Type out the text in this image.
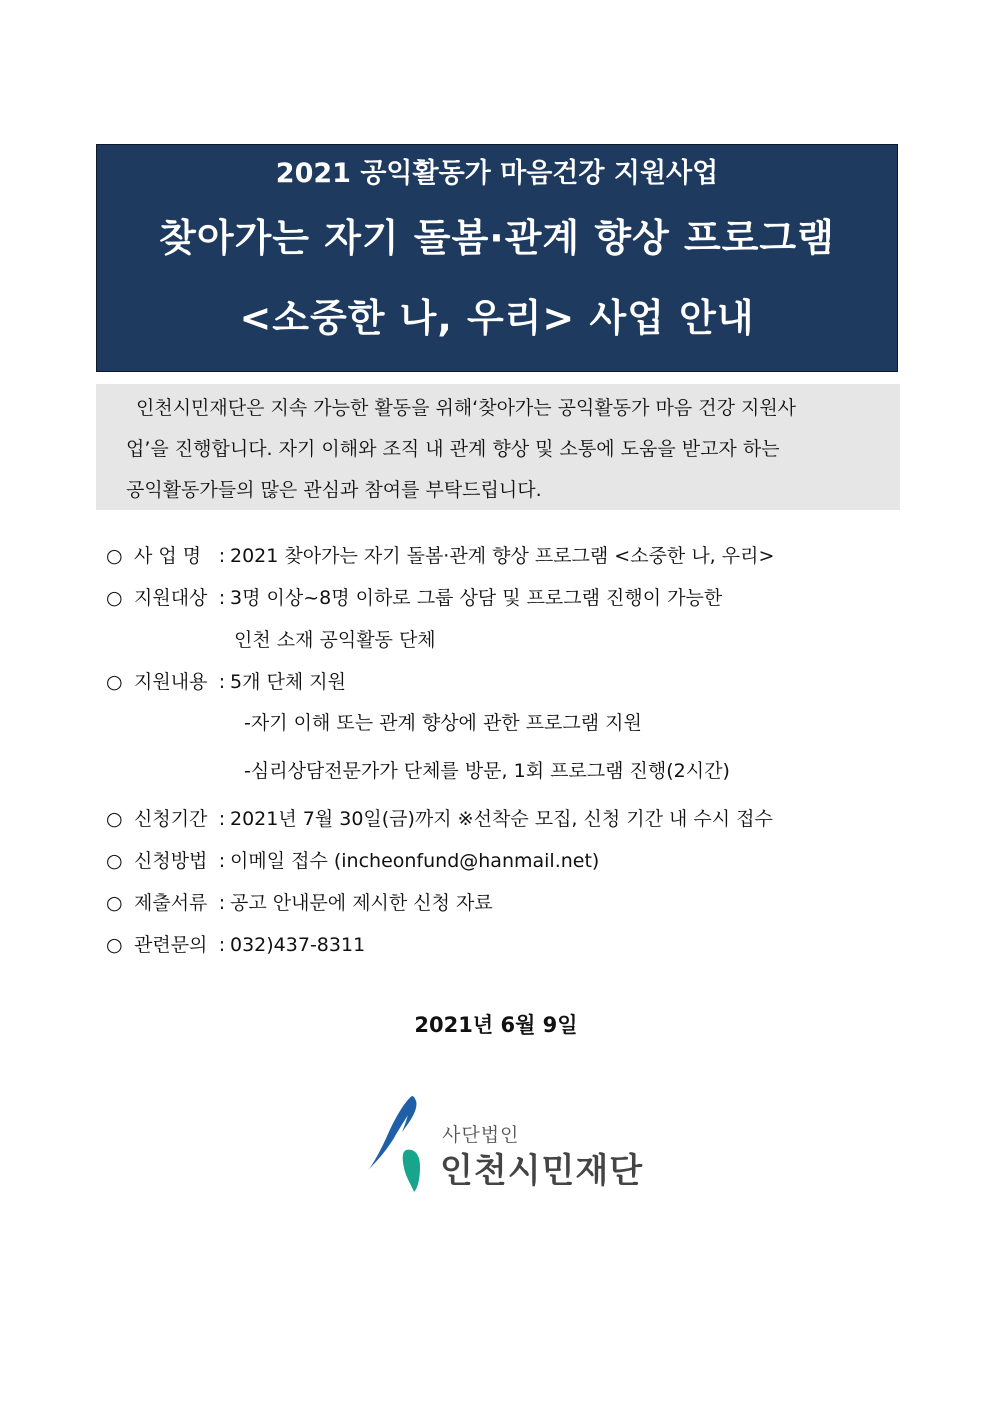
2021 공익활동가 마음건강 지원사업
찾아가는 자기 돌봄·관계 향상 프로그램
<소중한 나, 우리> 사업 안내
인천시민재단은 지속 가능한 활동을 위해‘찾아가는 공익활동가 마음 건강 지원사
업’을 진행합니다. 자기 이해와 조직 내 관계 향상 및 소통에 도움을 받고자 하는
공익활동가들의 많은 관심과 참여를 부탁드립니다.
○ 사 업 명 : 2021 찾아가는 자기 돌봄·관계 향상 프로그램 <소중한 나, 우리>
○ 지원대상 : 3명 이상~8명 이하로 그룹 상담 및 프로그램 진행이 가능한
인천 소재 공익활동 단체
○ 지원내용 : 5개 단체 지원
-자기 이해 또는 관계 향상에 관한 프로그램 지원
-심리상담전문가가 단체를 방문, 1회 프로그램 진행(2시간)
○ 신청기간 : 2021년 7월 30일(금)까지 ※선착순 모집, 신청 기간 내 수시 접수
○ 신청방법 : 이메일 접수 (incheonfund@hanmail.net)
○ 제출서류 : 공고 안내문에 제시한 신청 자료
○ 관련문의 : 032)437-8311
2021년 6월 9일
사단법인
인천시민재단
